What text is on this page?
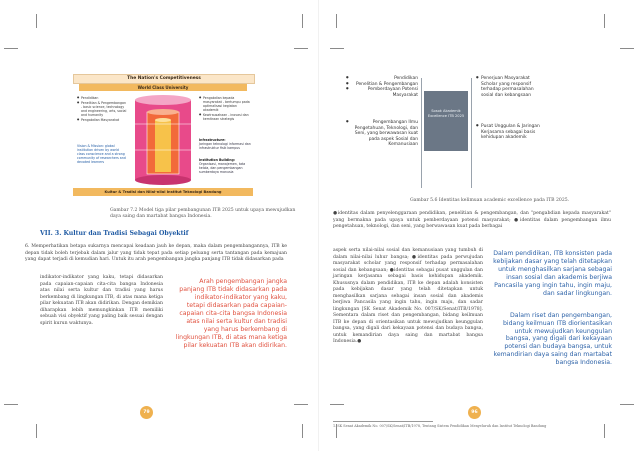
The Nation's Competitiveness
World Class University
● Pendidikan
● Penelitian & Pengembangan - basic science, technology and engineering, arts, social and humanity
● Pengabdian Masyarakat
Vision & Mission: global institution driven by world class conscience and a strong community of researchers and devoted learners
● Pengabdian kepada masyarakat - bertumpu pada optimalisasi kegiatan akademik
● Kewirausahaan - inovasi dan kemitraan strategis
Infrastructure:
Jaringan teknologi informasi dan infrastruktur fisik kampus
Institution Building:
Organisasi, manajemen, tata kelola, dan pengembangan sumberdaya manusia
Kultur & Tradisi dan Nilai-nilai Institut Teknologi Bandung
Gambar 7.2 Model tiga pilar pembangunan ITB 2025 untuk upaya mewujudkan daya saing dan martabat bangsa Indonesia.
VII. 3. Kultur dan Tradisi Sebagai Obyektif
6. Memperhatikan betapa sukarnya mencapai keadaan jauh ke depan, maka dalam pengembangannya, ITB ke depan tidak boleh terjebak dalam jalur yang tidak tepat pada setiap peluang serta tantangan pada kemajuan yang dapat terjadi di kemudian hari. Untuk itu arah pengembangan jangka panjang ITB tidak didasarkan pada
indikator-indikator yang kaku, tetapi didasarkan pada capaian-capaian cita-cita bangsa Indonesia atas nilai serta kultur dan tradisi yang harus berkembang di lingkungan ITB, di atas mana ketiga pilar kekuatan ITB akan didirikan. Dengan demikian diharapkan lebih memungkinkan ITB memiliki sebuah visi obyektif yang paling baik sesuai dengan spirit kurun waktunya.
Arah pengembangan jangka panjang ITB tidak didasarkan pada indikator-indikator yang kaku, tetapi didasarkan pada capaian-capaian cita-cita bangsa Indonesia atas nilai serta kultur dan tradisi yang harus berkembang di lingkungan ITB, di atas mana ketiga pilar kekuatan ITB akan didirikan.
79
● Pendidikan
● Penelitian & Pengembangan
● Pemberdayaan Potensi Masyarakat
● Pengembangan Ilmu Pengetahuan, Teknologi, dan Seni, yang berwawasan kuat pada aspek Sosial dan Kemanusiaan
Sosok Akademik Excellence ITB 2025
● Penerjuan Masyarakat Scholar yang responsif terhadap permasalahan sosial dan kebangsaan
● Pusat Unggulan & Jaringan Kerjasama sebagai basis kehidupan akademik
Gambar 5.6 Identitas kelimuan academic excellence pada ITB 2025.
●identitas dalam penyelenggaraan pendidikan, penelitian & pengembangan, dan "pengabdian kepada masyarakat" yang bermakna pada upaya untuk pemberdayaan potensi masyarakat; ●identitas dalam pengembangan ilmu pengetahuan, teknologi, dan seni, yang berwawasan kuat pada berbagai
aspek serta nilai-nilai sosial dan kemanusiaan yang tumbuh di dalam nilai-nilai luhur bangsa; ●identitas pada perwujudan masyarakat scholar yang responsif terhadap permasalahan sosial dan kebangsaan; ●identitas sebagai pusat unggulan dan jaringan kerjasama sebagai basis kehidupan akademik. Khususnya dalam pendidikan, ITB ke depan adalah konsisten pada kebijakan dasar yang telah ditetapkan untuk menghasilkan sarjana sebagai insan sosial dan akademis berjiwa Pancasila yang ingin tahu, ingin maju, dan sadar lingkungan [SK Senat Akademik No. 007/SK/Senat/ITB/1978]. Sementara dalam riset dan pengembangan, bidang keilmuan ITB ke depan di orientasikan untuk mewujudkan keunggulan bangsa, yang digali dari kekayaan potensi dan budaya bangsa, untuk kemandirian daya saing dan martabat bangsa Indonesia.●
Dalam pendidikan, ITB konsisten pada kebijakan dasar yang telah ditetapkan untuk menghasilkan sarjana sebagai insan sosial dan akademis berjiwa Pancasila yang ingin tahu, ingin maju, dan sadar lingkungan.
Dalam riset dan pengembangan, bidang keilmuan ITB diorientasikan untuk mewujudkan keunggulan bangsa, yang digali dari kekayaan potensi dan budaya bangsa, untuk kemandirian daya saing dan martabat bangsa Indonesia.
1. SK Senat Akademik No. 007/SK/Senat/ITB/1978, Tentang Sistem Pendidikan Menyeluruh dan Institut Teknologi Bandung
96
